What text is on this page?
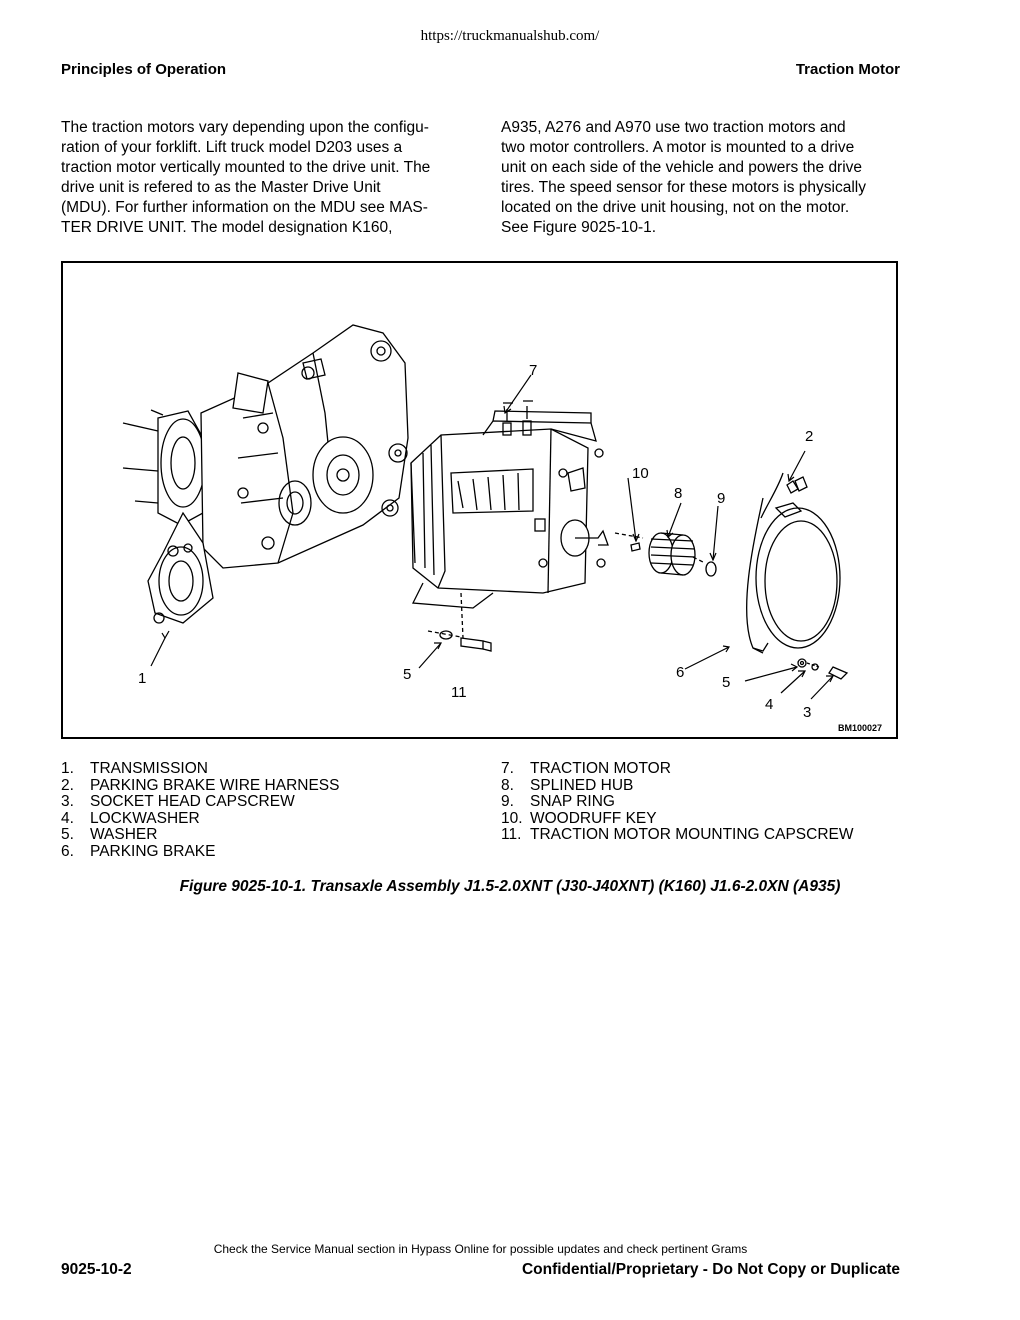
https://truckmanualshub.com/
Principles of Operation	Traction Motor

The traction motors vary depending upon the configu-
ration of your forklift. Lift truck model D203 uses a
traction motor vertically mounted to the drive unit. The
drive unit is refered to as the Master Drive Unit
(MDU). For further information on the MDU see MAS-
TER DRIVE UNIT. The model designation K160,

A935, A276 and A970 use two traction motors and
two motor controllers. A motor is mounted to a drive
unit on each side of the vehicle and powers the drive
tires. The speed sensor for these motors is physically
located on the drive unit housing, not on the motor.
See Figure 9025-10-1.

1
2
3
4
5	5
6
7
8 9
10
11
BM100027
1.	TRANSMISSION
2.	PARKING BRAKE WIRE HARNESS
3.	SOCKET HEAD CAPSCREW
4.	LOCKWASHER
5.	WASHER
6.	PARKING BRAKE
7.	TRACTION MOTOR
8.	SPLINED HUB
9.	SNAP RING
10. WOODRUFF KEY
11. TRACTION MOTOR MOUNTING CAPSCREW
Figure 9025-10-1. Transaxle Assembly J1.5-2.0XNT (J30-J40XNT) (K160) J1.6-2.0XN (A935)
Check the Service Manual section in Hypass Online for possible updates and check pertinent Grams
9025-10-2	Confidential/Proprietary - Do Not Copy or Duplicate
